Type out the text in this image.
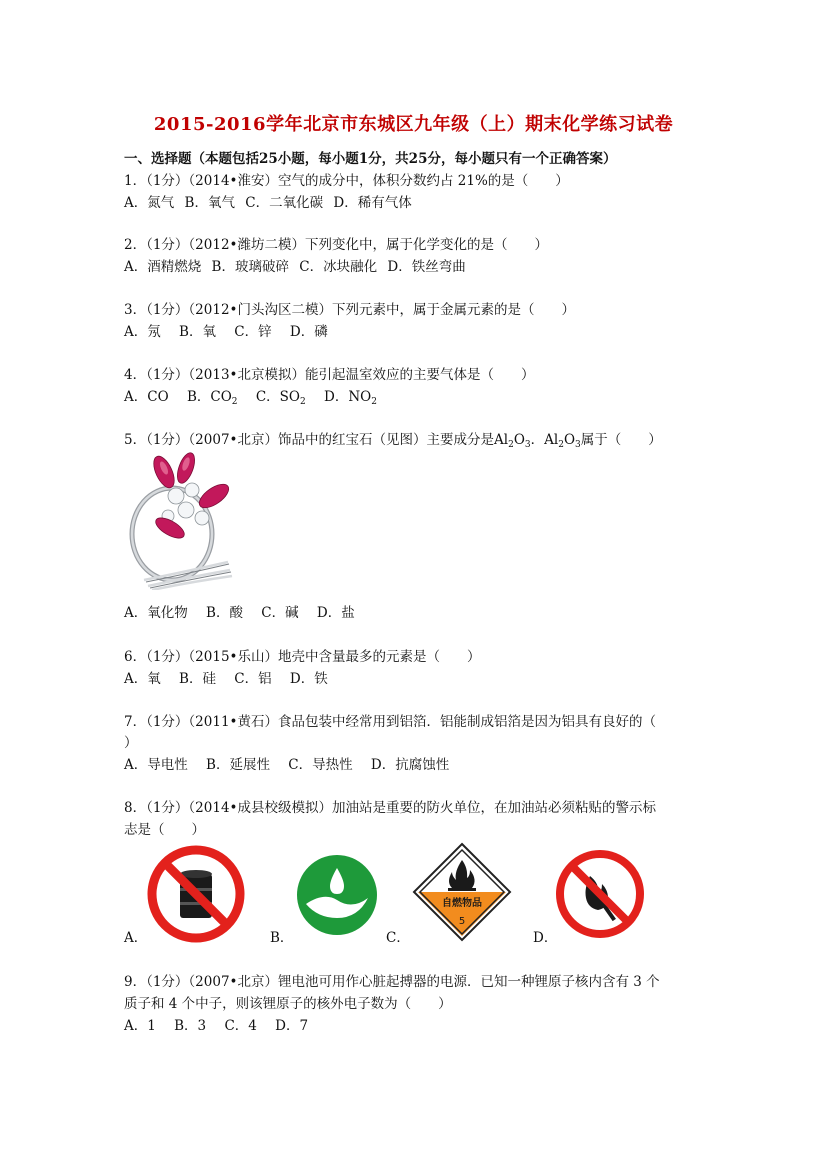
2015-2016学年北京市东城区九年级（上）期末化学练习试卷
一、选择题（本题包括25小题，每小题1分，共25分，每小题只有一个正确答案）
1．（1分）（2014•淮安）空气的成分中，体积分数约占 21%的是（　　）
A．氮气 B．氧气 C．二氧化碳 D．稀有气体
2．（1分）（2012•潍坊二模）下列变化中，属于化学变化的是（　　）
A．酒精燃烧 B．玻璃破碎 C．冰块融化 D．铁丝弯曲
3．（1分）（2012•门头沟区二模）下列元素中，属于金属元素的是（　　）
A．氖 B．氧 C．锌 D．磷
4．（1分）（2013•北京模拟）能引起温室效应的主要气体是（　　）
A．CO B．$CO_2$ C．$SO_2$ D．$NO_2$
5．（1分）（2007•北京）饰品中的红宝石（见图）主要成分是$Al_2O_3$．$Al_2O_3$属于（　　）
A．氧化物 B．酸 C．碱 D．盐
6．（1分）（2015•乐山）地壳中含量最多的元素是（　　）
A．氧 B．硅 C．铝 D．铁
7．（1分）（2011•黄石）食品包装中经常用到铝箔．铝能制成铝箔是因为铝具有良好的（
）
A．导电性 B．延展性 C．导热性 D．抗腐蚀性
8．（1分）（2014•成县校级模拟）加油站是重要的防火单位，在加油站必须粘贴的警示标
志是（　　）
A．	B．	C．
自燃物品
5
D．
9．（1分）（2007•北京）锂电池可用作心脏起搏器的电源．已知一种锂原子核内含有 3 个
质子和 4 个中子，则该锂原子的核外电子数为（　　）
A．1 B．3 C．4 D．7
